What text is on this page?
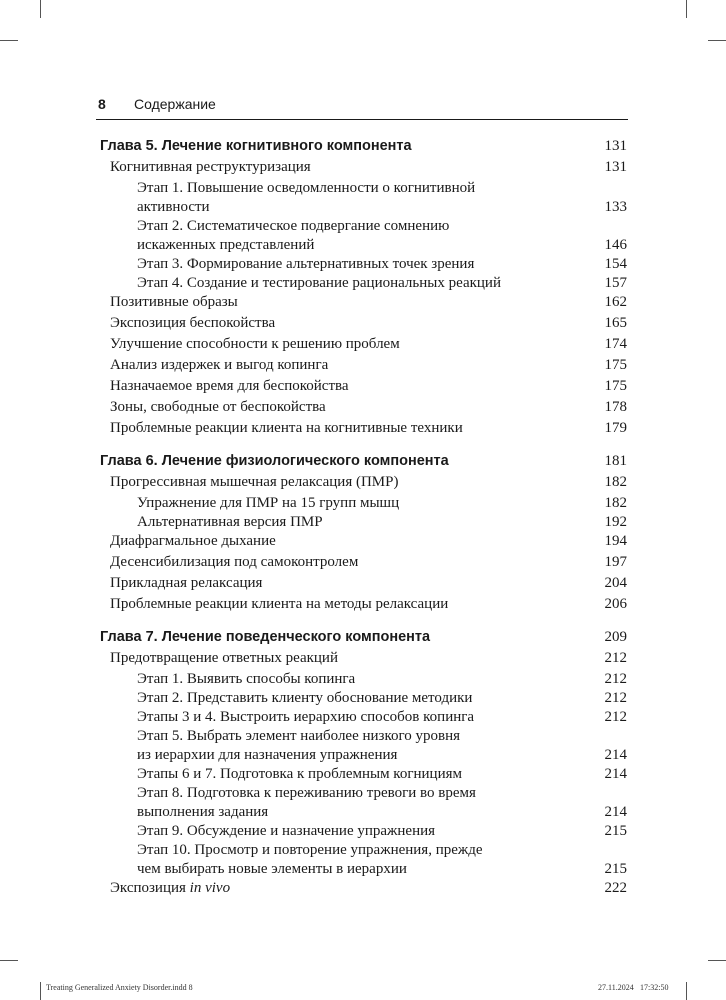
8 Содержание
Глава 5. Лечение когнитивного компонента	131
Когнитивная реструктуризация	131
Этап 1. Повышение осведомленности о когнитивной
активности	133
Этап 2. Систематическое подвергание сомнению
искаженных представлений	146
Этап 3. Формирование альтернативных точек зрения	154
Этап 4. Создание и тестирование рациональных реакций	157
Позитивные образы	162
Экспозиция беспокойства	165
Улучшение способности к решению проблем	174
Анализ издержек и выгод копинга	175
Назначаемое время для беспокойства	175
Зоны, свободные от беспокойства	178
Проблемные реакции клиента на когнитивные техники	179
Глава 6. Лечение физиологического компонента	181
Прогрессивная мышечная релаксация (ПМР)	182
Упражнение для ПМР на 15 групп мышц	182
Альтернативная версия ПМР	192
Диафрагмальное дыхание	194
Десенсибилизация под самоконтролем	197
Прикладная релаксация	204
Проблемные реакции клиента на методы релаксации	206
Глава 7. Лечение поведенческого компонента	209
Предотвращение ответных реакций	212
Этап 1. Выявить способы копинга	212
Этап 2. Представить клиенту обоснование методики	212
Этапы 3 и 4. Выстроить иерархию способов копинга	212
Этап 5. Выбрать элемент наиболее низкого уровня
из иерархии для назначения упражнения	214
Этапы 6 и 7. Подготовка к проблемным когнициям	214
Этап 8. Подготовка к переживанию тревоги во время
выполнения задания	214
Этап 9. Обсуждение и назначение упражнения	215
Этап 10. Просмотр и повторение упражнения, прежде
чем выбирать новые элементы в иерархии	215
Экспозиция in vivo	222
Treating Generalized Anxiety Disorder.indd 8	27.11.2024 17:32:50
